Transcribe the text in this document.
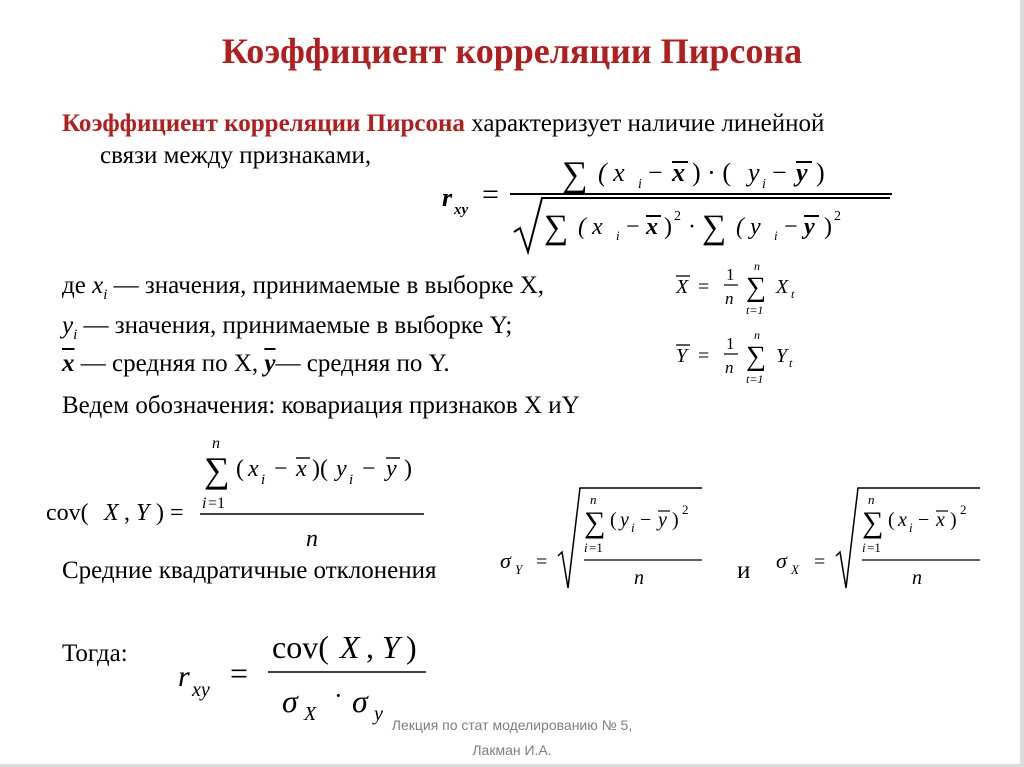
Коэффициент корреляции Пирсона
Коэффициент корреляции Пирсона характеризует наличие линейной
связи между признаками,
r xy =
∑ ( x i − x ) · ( y i − y )
∑ ( x i − x ) 2 · ∑ ( y i − y ) 2
де $x_i$ — значения, принимаемые в выборке X,
$y_i$ — значения, принимаемые в выборке Y;
$\overline{x}$ — средняя по X, $\overline{y}—$ средняя по Y.
X =
1
n
n
∑
t=1
X t
Y =
1
n
n
∑
t=1
Y t
Ведем обозначения: ковариация признаков X иY
n
∑ ( x i − x )( y i − y )
i =1
cov( X , Y ) =
n
Средние квадратичные отклонения	σ Y =
n
∑ ( y i − y ) 2
i =1
n	и σ X =
n
∑ ( x i − x ) 2
i =1
n
Тогда:
r xy =
cov( X , Y )
σ X
· σ y Лекция по стат моделированию № 5,
Лакман И.А.
